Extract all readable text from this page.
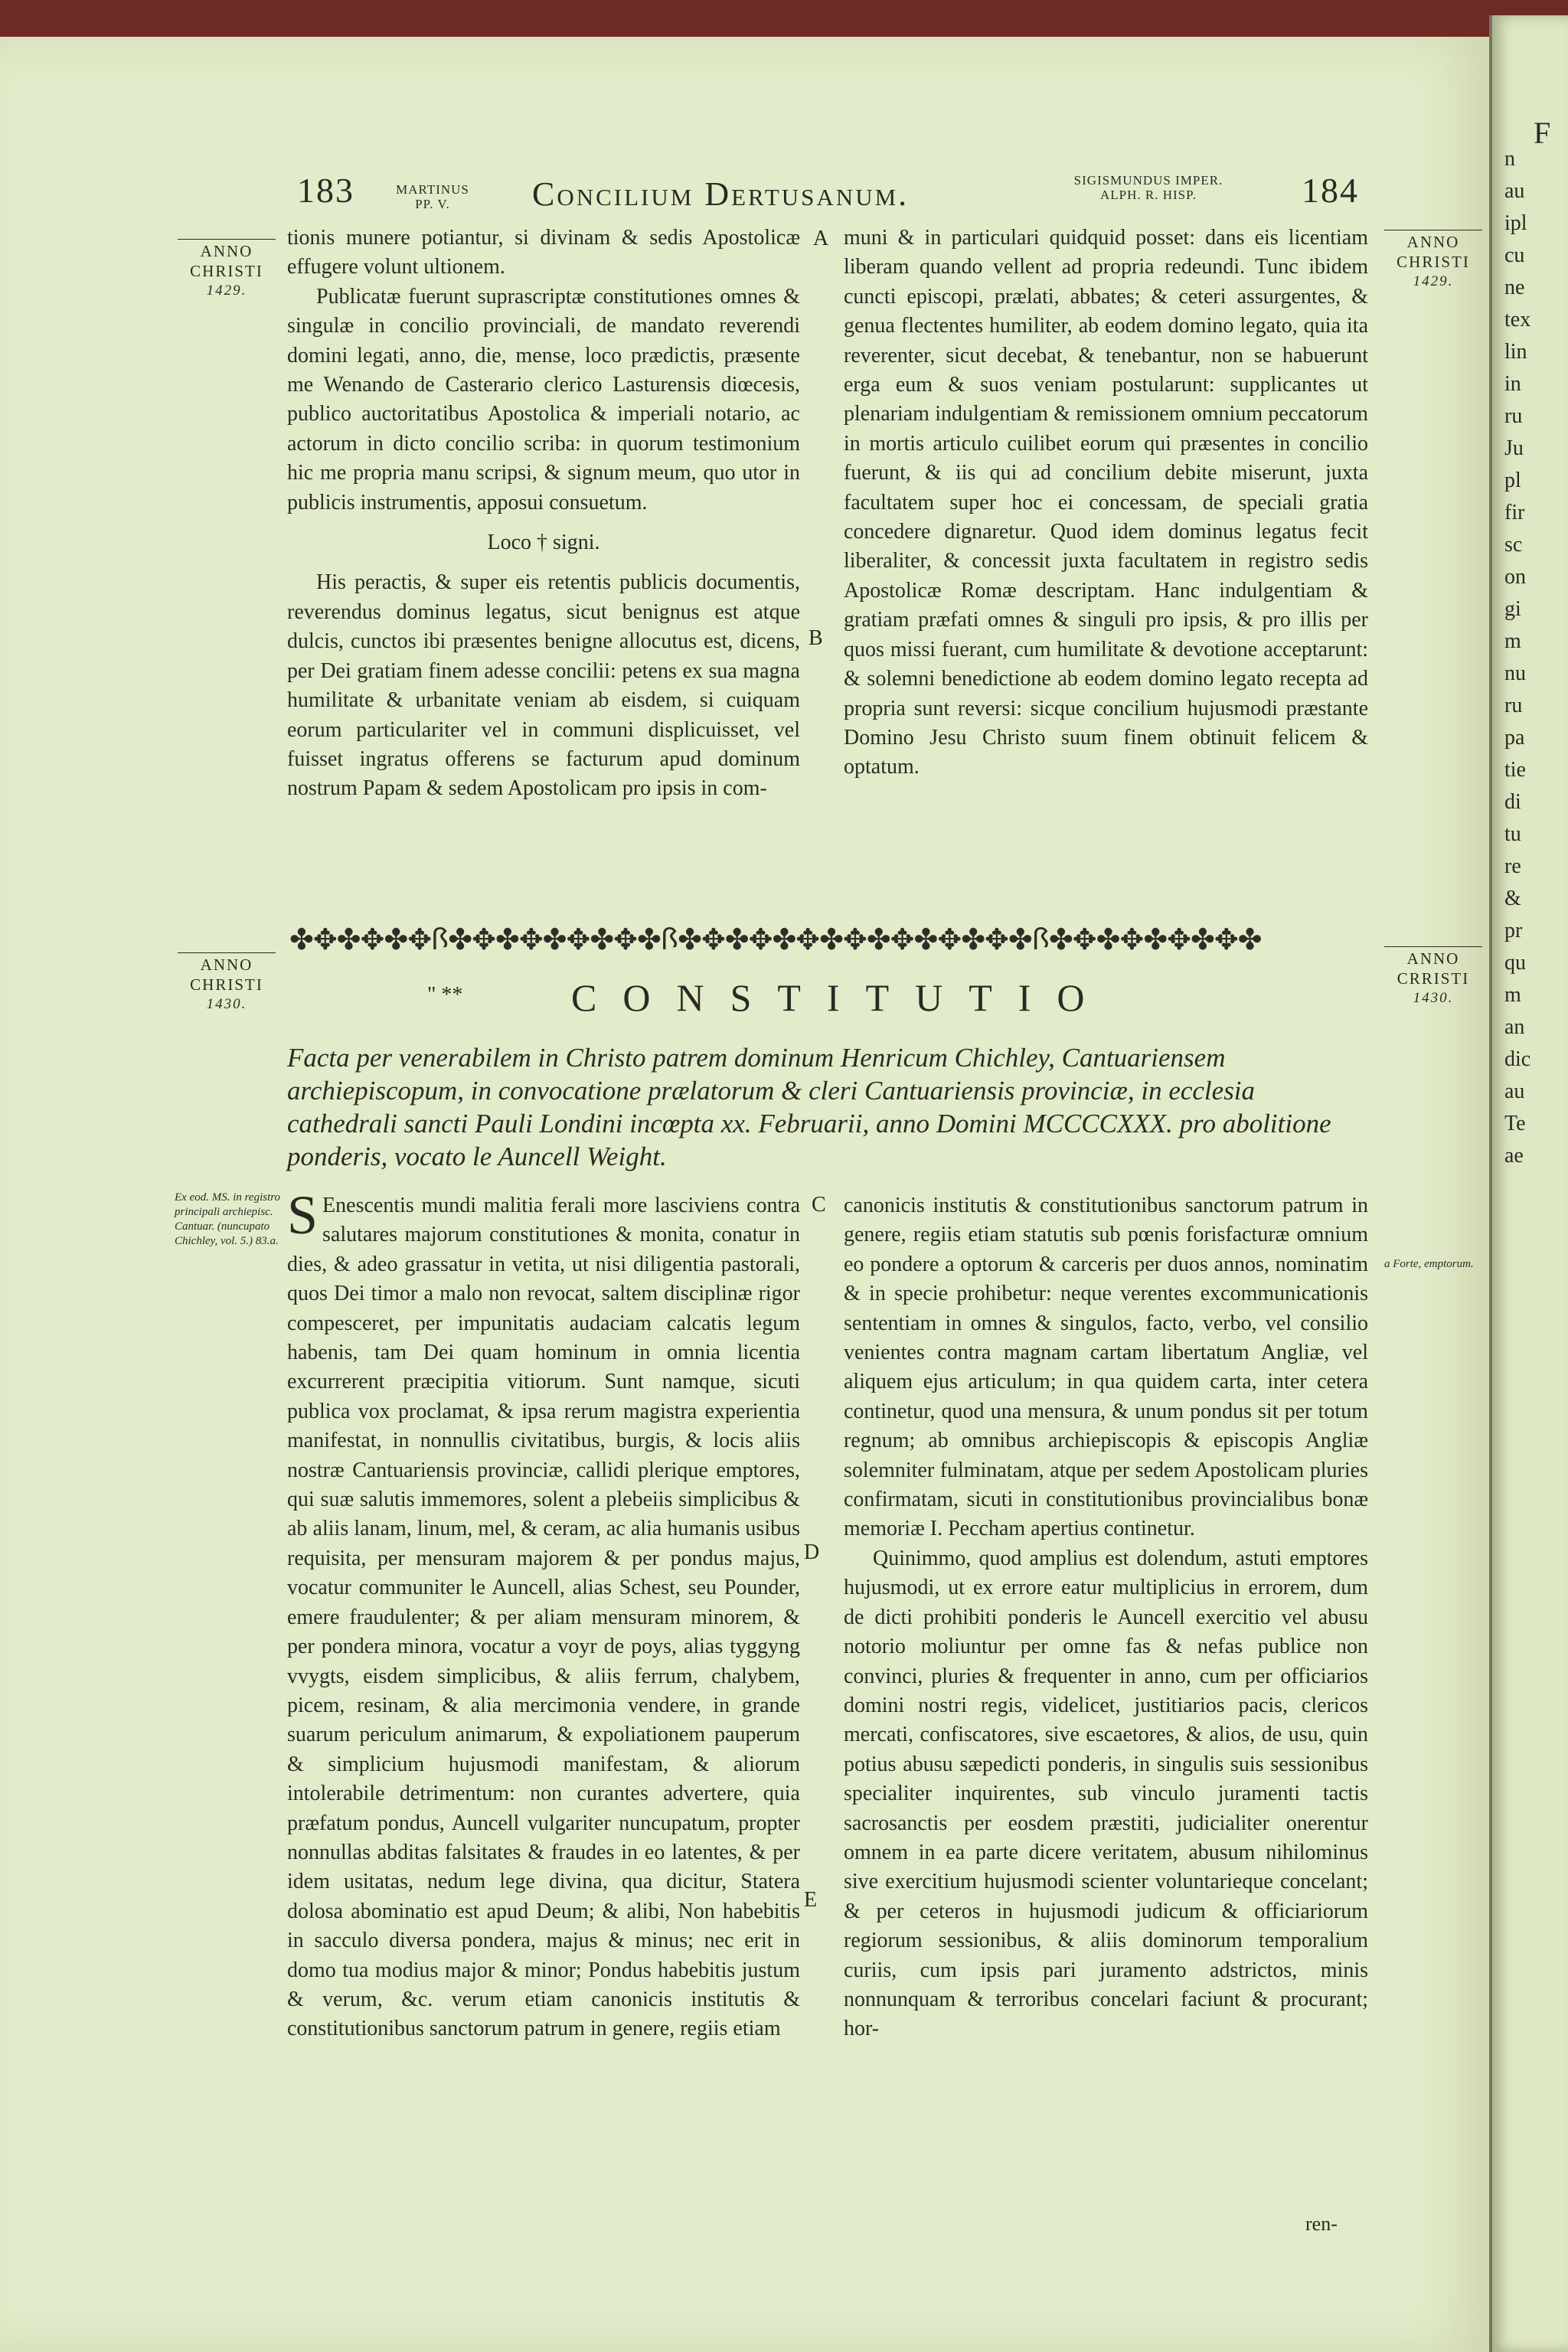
F
n
au
ipl
cu
ne
tex
lin
in
ru
Ju
pl
fir
sc
on
gi
m
nu
ru
pa
tie
di
tu
re
&
pr
qu
m
an
dic
au
Te
ae
183	MARTINUS
PP. V.	Concilium Dertusanum.	SIGISMUNDUS IMPER.
ALPH. R. HISP.	184
ANNO
CHRISTI
1429.
ANNO
CHRISTI
1429.
ANNO
CHRISTI
1430.
ANNO
CRRISTI
1430.
Ex eod. MS. in registro principali archiepisc. Cantuar. (nuncupato Chichley, vol. 5.) 83.a.
a Forte, emptorum.
A
B
C
D
E

tionis munere potiantur, si divinam & sedis Apostolicæ effugere volunt ultionem.

Publicatæ fuerunt suprascriptæ constitutiones omnes & singulæ in concilio provinciali, de mandato reverendi domini legati, anno, die, mense, loco prædictis, præsente me Wenando de Casterario clerico Lasturensis diœcesis, publico auctoritatibus Apostolica & imperiali notario, ac actorum in dicto concilio scriba: in quorum testimonium hic me propria manu scripsi, & signum meum, quo utor in publicis instrumentis, apposui consuetum.

Loco † signi.

His peractis, & super eis retentis publicis documentis, reverendus dominus legatus, sicut benignus est atque dulcis, cunctos ibi præsentes benigne allocutus est, dicens, per Dei gratiam finem adesse concilii: petens ex sua magna humilitate & urbanitate veniam ab eisdem, si cuiquam eorum particulariter vel in communi displicuisset, vel fuisset ingratus offerens se facturum apud dominum nostrum Papam & sedem Apostolicam pro ipsis in com-

muni & in particulari quidquid posset: dans eis licentiam liberam quando vellent ad propria redeundi. Tunc ibidem cuncti episcopi, prælati, abbates; & ceteri assurgentes, & genua flectentes humiliter, ab eodem domino legato, quia ita reverenter, sicut decebat, & tenebantur, non se habuerunt erga eum & suos veniam postularunt: supplicantes ut plenariam indulgentiam & remissionem omnium peccatorum in mortis articulo cuilibet eorum qui præsentes in concilio fuerunt, & iis qui ad concilium debite miserunt, juxta facultatem super hoc ei concessam, de speciali gratia concedere dignaretur. Quod idem dominus legatus fecit liberaliter, & concessit juxta facultatem in registro sedis Apostolicæ Romæ descriptam. Hanc indulgentiam & gratiam præfati omnes & singuli pro ipsis, & pro illis per quos missi fuerant, cum humilitate & devotione acceptarunt: & solemni benedictione ab eodem domino legato recepta ad propria sunt reversi: sicque concilium hujusmodi præstante Domino Jesu Christo suum finem obtinuit felicem & optatum.

✤✥✤✥✤✥ꟗ✤✥✤✥✤✥✤✥✤ꟗ✤✥✤✥✤✥✤✥✤✥✤✥✤✥✤ꟗ✤✥✤✥✤✥✤✥✤
" **	CONSTITUTIO
Facta per venerabilem in Christo patrem dominum Henricum Chichley, Cantuariensem archiepiscopum, in convocatione prælatorum & cleri Cantuariensis provinciæ, in ecclesia cathedrali sancti Pauli Londini incœpta xx. Februarii, anno Domini MCCCCXXX. pro abolitione ponderis, vocato le Auncell Weight.

S Enescentis mundi malitia ferali more lasciviens contra salutares majorum constitutiones & monita, conatur in dies, & adeo grassatur in vetita, ut nisi diligentia pastorali, quos Dei timor a malo non revocat, saltem disciplinæ rigor compesceret, per impunitatis audaciam calcatis legum habenis, tam Dei quam hominum in omnia licentia excurrerent præcipitia vitiorum. Sunt namque, sicuti publica vox proclamat, & ipsa rerum magistra experientia manifestat, in nonnullis civitatibus, burgis, & locis aliis nostræ Cantuariensis provinciæ, callidi plerique emptores, qui suæ salutis immemores, solent a plebeiis simplicibus & ab aliis lanam, linum, mel, & ceram, ac alia humanis usibus requisita, per mensuram majorem & per pondus majus, vocatur communiter le Auncell, alias Schest, seu Pounder, emere fraudulenter; & per aliam mensuram minorem, & per pondera minora, vocatur a voyr de poys, alias tyggyng vvygts, eisdem simplicibus, & aliis ferrum, chalybem, picem, resinam, & alia mercimonia vendere, in grande suarum periculum animarum, & expoliationem pauperum & simplicium hujusmodi manifestam, & aliorum intolerabile detrimentum: non curantes advertere, quia præfatum pondus, Auncell vulgariter nuncupatum, propter nonnullas abditas falsitates & fraudes in eo latentes, & per idem usitatas, nedum lege divina, qua dicitur, Statera dolosa abominatio est apud Deum; & alibi, Non habebitis in sacculo diversa pondera, majus & minus; nec erit in domo tua modius major & minor; Pondus habebitis justum & verum, &c. verum etiam canonicis institutis & constitutionibus sanctorum patrum in genere, regiis etiam

canonicis institutis & constitutionibus sanctorum patrum in genere, regiis etiam statutis sub pœnis forisfacturæ omnium eo pondere a optorum & carceris per duos annos, nominatim & in specie prohibetur: neque verentes excommunicationis sententiam in omnes & singulos, facto, verbo, vel consilio venientes contra magnam cartam libertatum Angliæ, vel aliquem ejus articulum; in qua quidem carta, inter cetera continetur, quod una mensura, & unum pondus sit per totum regnum; ab omnibus archiepiscopis & episcopis Angliæ solemniter fulminatam, atque per sedem Apostolicam pluries confirmatam, sicuti in constitutionibus provincialibus bonæ memoriæ I. Peccham apertius continetur.

Quinimmo, quod amplius est dolendum, astuti emptores hujusmodi, ut ex errore eatur multiplicius in errorem, dum de dicti prohibiti ponderis le Auncell exercitio vel abusu notorio moliuntur per omne fas & nefas publice non convinci, pluries & frequenter in anno, cum per officiarios domini nostri regis, videlicet, justitiarios pacis, clericos mercati, confiscatores, sive escaetores, & alios, de usu, quin potius abusu sæpedicti ponderis, in singulis suis sessionibus specialiter inquirentes, sub vinculo juramenti tactis sacrosanctis per eosdem præstiti, judicialiter onerentur omnem in ea parte dicere veritatem, abusum nihilominus sive exercitium hujusmodi scienter voluntarieque concelant; & per ceteros in hujusmodi judicum & officiariorum regiorum sessionibus, & aliis dominorum temporalium curiis, cum ipsis pari juramento adstrictos, minis nonnunquam & terroribus concelari faciunt & procurant; hor-

ren-
